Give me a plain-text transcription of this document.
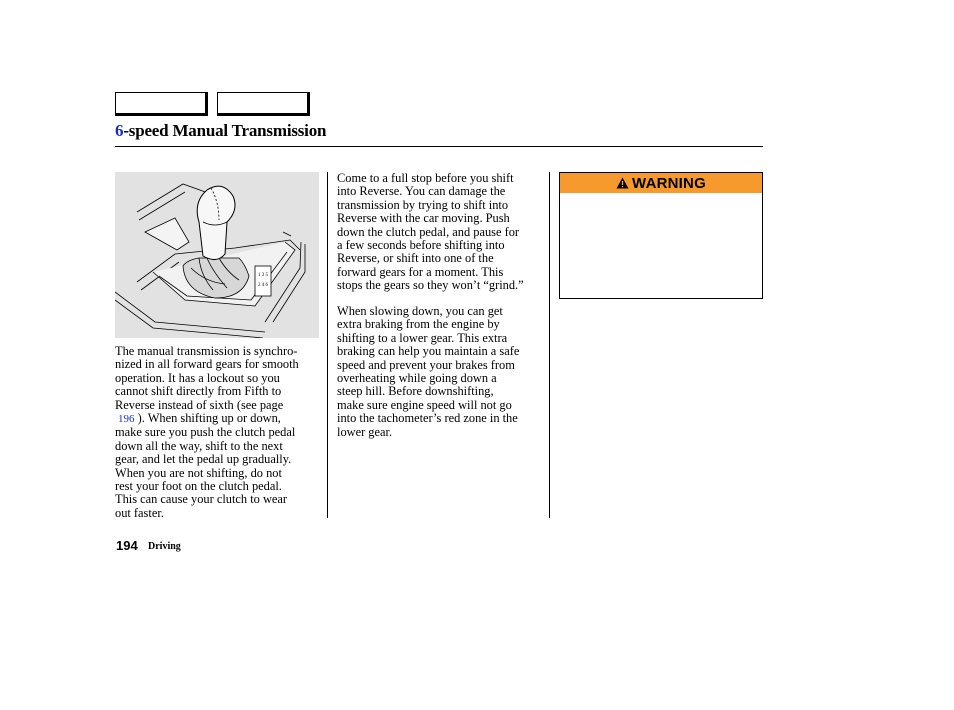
6-speed Manual Transmission
1 3 5
2 4 6
The manual transmission is synchro-
nized in all forward gears for smooth
operation. It has a lockout so you
cannot shift directly from Fifth to
Reverse instead of sixth (see page
196 ). When shifting up or down,
make sure you push the clutch pedal
down all the way, shift to the next
gear, and let the pedal up gradually.
When you are not shifting, do not
rest your foot on the clutch pedal.
This can cause your clutch to wear
out faster.

Come to a full stop before you shift
into Reverse. You can damage the
transmission by trying to shift into
Reverse with the car moving. Push
down the clutch pedal, and pause for
a few seconds before shifting into
Reverse, or shift into one of the
forward gears for a moment. This
stops the gears so they won’t “grind.”

When slowing down, you can get
extra braking from the engine by
shifting to a lower gear. This extra
braking can help you maintain a safe
speed and prevent your brakes from
overheating while going down a
steep hill. Before downshifting,
make sure engine speed will not go
into the tachometer’s red zone in the
lower gear.

WARNING
194 Driving
